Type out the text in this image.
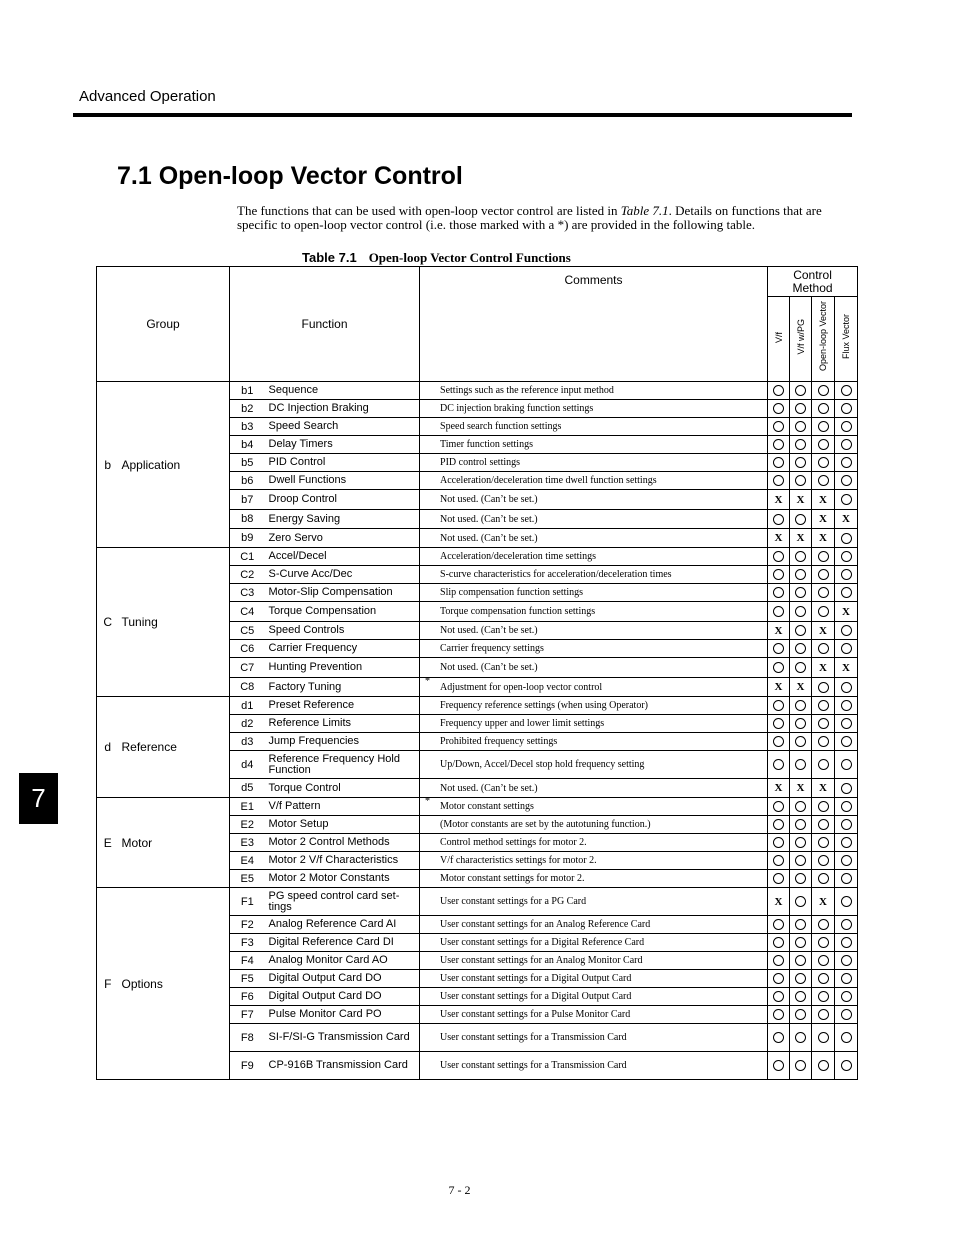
Advanced Operation
7.1 Open-loop Vector Control

The functions that can be used with open-loop vector control are listed in Table 7.1. Details on functions that are specific to open-loop vector control (i.e. those marked with a *) are provided in the following table.

Table 7.1 Open-loop Vector Control Functions
Group		Function		Comments	Control
Method			
					V/f	V/f w/PG	Open-loop Vector	Flux Vector
b	Application	b1	Sequence	Settings such as the reference input method				
		b2	DC Injection Braking	DC injection braking function settings				
		b3	Speed Search	Speed search function settings				
		b4	Delay Timers	Timer function settings				
		b5	PID Control	PID control settings				
		b6	Dwell Functions	Acceleration/deceleration time dwell function settings				
		b7	Droop Control	Not used. (Can’t be set.)	X	X	X	
		b8	Energy Saving	Not used. (Can’t be set.)			X	X
		b9	Zero Servo	Not used. (Can’t be set.)	X	X	X	
C	Tuning	C1	Accel/Decel	Acceleration/deceleration time settings				
		C2	S-Curve Acc/Dec	S-curve characteristics for acceleration/deceleration times				
		C3	Motor-Slip Compensation	Slip compensation function settings				
		C4	Torque Compensation	Torque compensation function settings				X
		C5	Speed Controls	Not used. (Can’t be set.)	X		X	
		C6	Carrier Frequency	Carrier frequency settings				
		C7	Hunting Prevention	Not used. (Can’t be set.)			X	X
		C8	Factory Tuning	* Adjustment for open-loop vector control	X	X		
d	Reference	d1	Preset Reference	Frequency reference settings (when using Operator)				
		d2	Reference Limits	Frequency upper and lower limit settings				
		d3	Jump Frequencies	Prohibited frequency settings				
		d4	Reference Frequency Hold Function	Up/Down, Accel/Decel stop hold frequency setting				
		d5	Torque Control	Not used. (Can’t be set.)	X	X	X	
E	Motor	E1	V/f Pattern	* Motor constant settings				
		E2	Motor Setup	(Motor constants are set by the autotuning function.)				
		E3	Motor 2 Control Methods	Control method settings for motor 2.				
		E4	Motor 2 V/f Characteristics	V/f characteristics settings for motor 2.				
		E5	Motor 2 Motor Constants	Motor constant settings for motor 2.				
F	Options	F1	PG speed control card set-tings	User constant settings for a PG Card	X		X	
		F2	Analog Reference Card AI	User constant settings for an Analog Reference Card				
		F3	Digital Reference Card DI	User constant settings for a Digital Reference Card				
		F4	Analog Monitor Card AO	User constant settings for an Analog Monitor Card				
		F5	Digital Output Card DO	User constant settings for a Digital Output Card				
		F6	Digital Output Card DO	User constant settings for a Digital Output Card				
		F7	Pulse Monitor Card PO	User constant settings for a Pulse Monitor Card				
		F8	SI-F/SI-G Transmission Card	User constant settings for a Transmission Card				
		F9	CP-916B Transmission Card	User constant settings for a Transmission Card				
7
7 - 2
